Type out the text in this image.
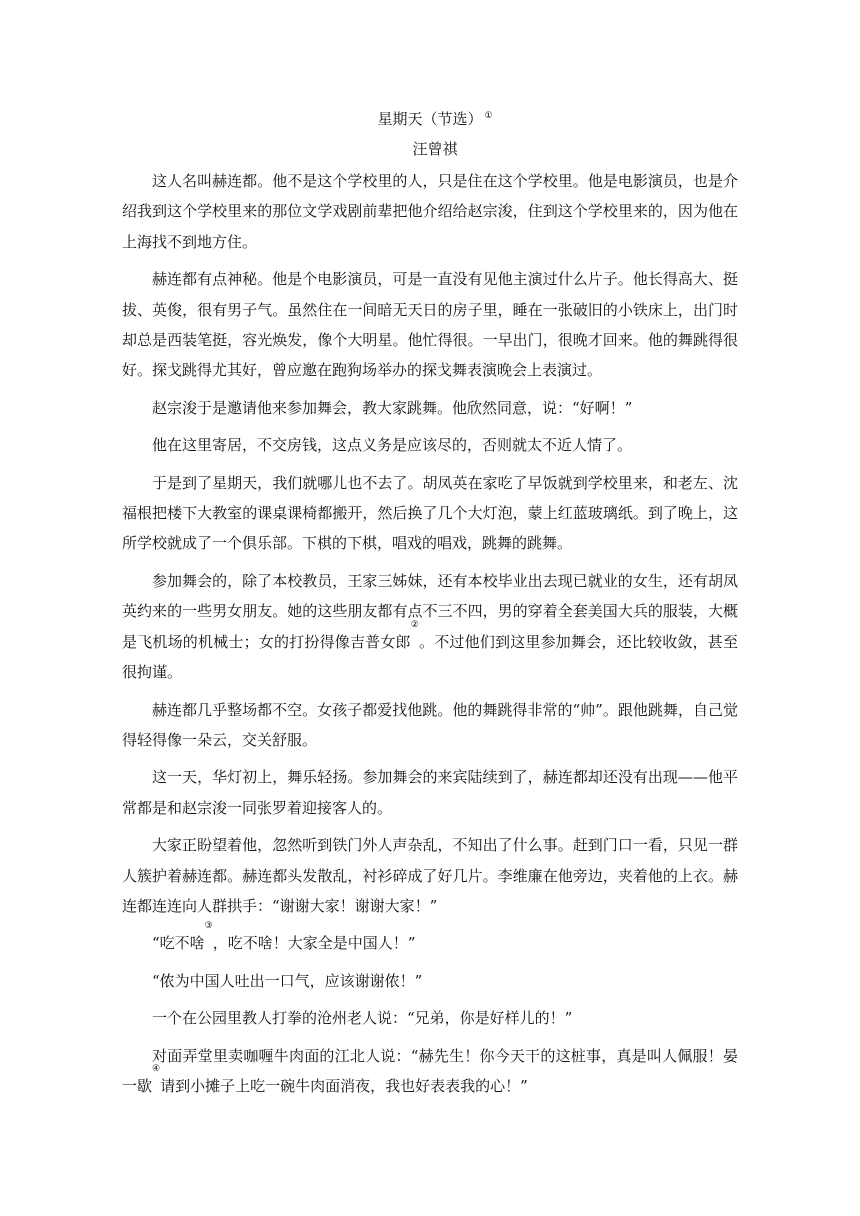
星期天（节选） ①
汪曾祺

这人名叫赫连都。他不是这个学校里的人，只是住在这个学校里。他是电影演员，也是介绍我到这个学校里来的那位文学戏剧前辈把他介绍给赵宗浚，住到这个学校里来的，因为他在上海找不到地方住。

赫连都有点神秘。他是个电影演员，可是一直没有见他主演过什么片子。他长得高大、挺拔、英俊，很有男子气。虽然住在一间暗无天日的房子里，睡在一张破旧的小铁床上，出门时却总是西装笔挺，容光焕发，像个大明星。他忙得很。一早出门，很晚才回来。他的舞跳得很好。探戈跳得尤其好，曾应邀在跑狗场举办的探戈舞表演晚会上表演过。

赵宗浚于是邀请他来参加舞会，教大家跳舞。他欣然同意，说：“好啊！”

他在这里寄居，不交房钱，这点义务是应该尽的，否则就太不近人情了。

于是到了星期天，我们就哪儿也不去了。胡凤英在家吃了早饭就到学校里来，和老左、沈福根把楼下大教室的课桌课椅都搬开，然后换了几个大灯泡，蒙上红蓝玻璃纸。到了晚上，这所学校就成了一个俱乐部。下棋的下棋，唱戏的唱戏，跳舞的跳舞。

参加舞会的，除了本校教员，王家三姊妹，还有本校毕业出去现已就业的女生，还有胡凤英约来的一些男女朋友。她的这些朋友都有点不三不四，男的穿着全套美国大兵的服装，大概是飞机场的机械士；女的打扮得像吉普女郎②。不过他们到这里参加舞会，还比较收敛，甚至很拘谨。

赫连都几乎整场都不空。女孩子都爱找他跳。他的舞跳得非常的“帅”。跟他跳舞，自己觉得轻得像一朵云，交关舒服。

这一天，华灯初上，舞乐轻扬。参加舞会的来宾陆续到了，赫连都却还没有出现——他平常都是和赵宗浚一同张罗着迎接客人的。

大家正盼望着他，忽然听到铁门外人声杂乱，不知出了什么事。赶到门口一看，只见一群人簇护着赫连都。赫连都头发散乱，衬衫碎成了好几片。李维廉在他旁边，夹着他的上衣。赫连都连连向人群拱手：“谢谢大家！谢谢大家！”

“吃不啥③，吃不啥！大家全是中国人！”

“侬为中国人吐出一口气，应该谢谢侬！”

一个在公园里教人打拳的沧州老人说：“兄弟，你是好样儿的！”

对面弄堂里卖咖喱牛肉面的江北人说：“赫先生！你今天干的这桩事，真是叫人佩服！晏一歇④请到小摊子上吃一碗牛肉面消夜，我也好表表我的心！”
